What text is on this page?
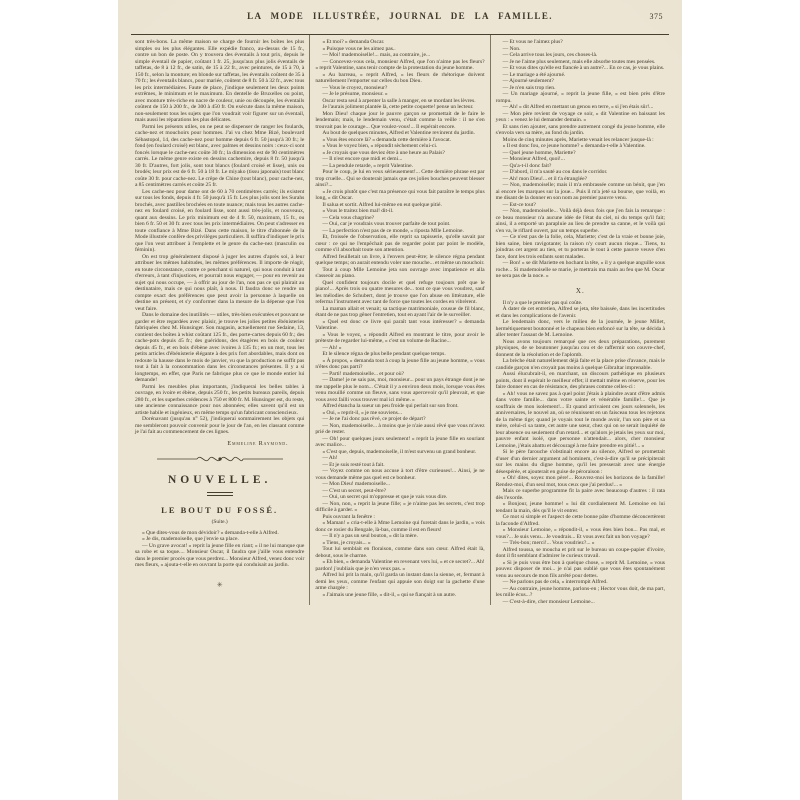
LA MODE ILLUSTRÉE, JOURNAL DE LA FAMILLE.	375

sont très-bons. La même maison se charge de fournir les boîtes les plus simples ou les plus élégantes. Elle expédie franco, au-dessus de 15 fr., contre un bon de poste. On y trouvera des éventails à tout prix, depuis le simple éventail de papier, coûtant 1 fr. 25, jusqu'aux plus jolis éventails de taffetas, de 8 à 12 fr., de satin, de 15 à 22 fr., avec peintures, de 15 à 70, à 150 fr., selon la monture; en blonde sur taffetas, les éventails coûtent de 35 à 70 fr.; les éventails blancs, pour mariée, coûtent de 8 fr. 50 à 32 fr., avec tous les prix intermédiaires. Faute de place, j'indique seulement les deux points extrêmes, le minimum et le maximum. En dentelle de Bruxelles ou point, avec monture très-riche en nacre de couleur, unie ou découpée, les éventails coûtent de 150 à 200 fr., de 300 à 450 fr. On exécute dans la même maison, non-seulement tous les sujets que l'on voudrait voir figurer sur un éventail, mais aussi les réparations les plus délicates.

Parmi les présents utiles, on ne peut se dispenser de ranger les foulards, cache-nez et mouchoirs pour hommes. J'ai vu chez Mme Bizé, boulevard Sébastopol, 14, des cache-nez pour homme depuis 6 fr. 50 jusqu'à 30 fr.; le fond (en foulard croisé) est blanc, avec palmes et dessins noirs : ceux-ci sont foncés lorsque le cache-nez coûte 30 fr.; la dimension est de 90 centimètres carrés. Le même genre existe en dessins cachemire, depuis 8 fr. 50 jusqu'à 30 fr. D'autres, fort jolis, sont tout blancs (foulard croisé et lisse), unis ou brodés; leur prix est de 6 fr. 50 à 18 fr. Le miyako (tissu japonais) tout blanc coûte 30 fr. pour cache-nez. Le crêpe de Chine (tout blanc), pour cache-nez, a 85 centimètres carrés et coûte 25 fr.

Les cache-nez pour dame ont de 60 à 70 centimètres carrés; ils existent sur tous les fonds, depuis 4 fr. 50 jusqu'à 15 fr. Les plus jolis sont les Surahs brochés, avec pastilles brochées en toute nuance; mais tous les autres cache-nez en foulard croisé, en foulard lisse, sont aussi très-jolis, et nouveaux, quant aux dessins. Le prix minimum est de 4 fr. 50, maximum, 15 fr., ou bien 6 fr. 50 et 30 fr. avec tous les prix intermédiaires. On peut s'adresser en toute confiance à Mme Bizé. Dans cette maison, le titre d'abonnée de la Mode illustrée confère des privilèges particuliers. Il suffira d'indiquer le prix que l'on veut attribuer à l'emplette et le genre du cache-nez (masculin ou féminin).

On est trop généralement disposé à juger les autres d'après soi, à leur attribuer les mêmes habitudes, les mêmes préférences. Il importe de réagir, en toute circonstance, contre ce penchant si naturel, qui nous conduit à tant d'erreurs, à tant d'injustices, et pourrait nous engager, — pour en revenir au sujet qui nous occupe, — à offrir au jour de l'an, non pas ce qui plairait au destinataire, mais ce qui nous plaît, à nous. Il faudra donc se rendre un compte exact des préférences que peut avoir la personne à laquelle on destine un présent, et s'y conformer dans la mesure de la dépense que l'on veut faire.

Dans le domaine des inutilités — utiles, très-bien exécutées et pouvant se garder et être regardées avec plaisir, je trouve les jolies petites ébénisteries fabriquées chez M. Hunsinger. Son magasin, actuellement rue Sedaine, 13, contient des boîtes à whist coûtant 125 fr., des porte-cartes depuis 60 fr.; des cache-pots depuis 45 fr.; des guéridons, des étagères en bois de couleur depuis 45 fr., et en bois d'ébène avec ivoires à 135 fr.; en un mot, tous les petits articles d'ébénisterie élégante à des prix fort abordables, mais dont on redoute la hausse dans le mois de janvier, vu que la production ne suffit pas tout à fait à la consommation dans les circonstances présentes. Il y a si longtemps, en effet, que Paris ne fabrique plus ce que le monde entier lui demande!

Parmi les meubles plus importants, j'indiquerai les belles tables à ouvrage, en ivoire et ébène, depuis 250 fr., les petits bureaux pareils, depuis 280 fr., et les superbes crédences à 750 et 800 fr. M. Hunsinger est, du reste, une ancienne connaissance pour nos abonnées; elles savent qu'il est un artiste habile et ingénieux, en même temps qu'un fabricant consciencieux.

Dorénavant (jusqu'au n° 52), j'indiquerai sommairement les objets qui me sembleront pouvoir convenir pour le jour de l'an, en les classant comme je l'ai fait au commencement de ces lignes.

Emmeline Raymond.
NOUVELLE.
LE BOUT DU FOSSÉ.
(Suite.)

« Que dites-vous de mon dévidoir? » demanda-t-elle à Alfred.

« Je dis, mademoiselle, que j'envie sa place.

— Un grave avocat! » reprit la jeune fille en riant; « il ne lui manque que sa robe et sa toque.... Monsieur Oscar, il faudra que j'aille vous entendre dans le premier procès que vous perdrez... Monsieur Alfred, venez donc voir mes fleurs, » ajouta-t-elle en ouvrant la porte qui conduisait au jardin.

✳

« Et moi? » demanda Oscar.

« Puisque vous ne les aimez pas..

— Moi! mademoiselle!... mais, au contraire, je...

— Concevez-vous cela, monsieur Alfred, que l'on n'aime pas les fleurs? » reprit Valentine, sans tenir compte de la protestation du jeune homme.

« Au barreau, » reprit Alfred, « les fleurs de rhétorique doivent naturellement l'emporter sur celles du bon Dieu.

— Vous le croyez, monsieur?

— Je le présume, monsieur. »

Oscar resta seul à arpenter la salle à manger, en se mordant les lèvres.

Je l'aurais joliment plantée là, cette petite coquette! pense un lecteur.

Mon Dieu! chaque jour le pauvre garçon se promettait de le faire le lendemain; mais, le lendemain venu, c'était comme la veille : il ne s'en trouvait pas le courage... Que voulez-vous!... Il espérait encore.

Au bout de quelques minutes, Alfred et Valentine revinrent du jardin.

« Vous êtes encore là? » demanda cette dernière à l'avocat.

« Vous le voyez bien, » répondit sèchement celui-ci.

« Je croyais que vous deviez être à une heure au Palais?

— Il n'est encore que midi et demi...

— La pendule retarde, » reprit Valentine.

Pour le coup, je lui en veux sérieusement!... Cette dernière phrase est par trop cruelle... Qui se douterait jamais que ces jolies bouches peuvent blesser ainsi?...

« Je crois plutôt que c'est ma présence qui vous fait paraître le temps plus long, » dit Oscar.

Il salua et sortit. Alfred lui-même en eut quelque pitié.

« Vous le traitez bien mal! dit-il.

— Cela vous chagrine?

— Oui, car je voudrais vous trouver parfaite de tout point.

— La perfection n'est pas de ce monde, » riposta Mlle Lemoine.

Et, froissée de l'observation, elle reprit sa tapisserie, qu'elle savait par cœur : ce qui ne l'empêchait pas de regarder point par point le modèle, comme s'il absorbait toute son attention.

Alfred feuilletait un livre, à l'envers peut-être; le silence régna pendant quelque temps; on aurait entendu voler une mouche... et même un mouchoir.

Tout à coup Mlle Lemoine jeta son ouvrage avec impatience et alla s'asseoir au piano.

Quel confident toujours docile et quel refuge toujours prêt que le piano!... Après trois ou quatre mesures de... tout ce que vous voudrez, sauf les mélodies de Schubert, dont je trouve que l'on abuse en littérature, elle referma l'instrument avec tant de force que toutes les cordes en vibrèrent.

La maman allait et venait; sa tactique matrimoniale, cousue de fil blanc, étant de ne pas trop gêner l'entretien, tout en ayant l'air de le surveiller.

« Quel est donc ce livre qui paraît tant vous intéresser? » demanda Valentine.

« Vous le voyez, » répondit Alfred en montrant le titre, pour avoir le prétexte de regarder lui-même, « c'est un volume de Racine...

— Ah! »

Et le silence régna de plus belle pendant quelque temps.

« À propos, » demanda tout à coup la jeune fille au jeune homme, « vous n'êtes donc pas parti?

— Parti! mademoiselle... et pour où?

— Dame! je ne sais pas, moi, monsieur... pour un pays étrange dont je ne me rappelle plus le nom... C'était il y a environ deux mois, lorsque vous êtes venu mouillé comme un fleuve, sans vous apercevoir qu'il pleuvait, et que vous avez failli vous trouver mal ici même. »

Alfred étancha la sueur un peu froide qui perlait sur son front.

« Oui, » reprit-il, « je me souviens...

— Je ne l'ai donc pas rêvé, ce projet de départ?

— Non, mademoiselle... à moins que je n'aie aussi rêvé que vous m'avez prié de rester.

— Oh! pour quelques jours seulement! » reprit la jeune fille en souriant avec malice...

« C'est que, depuis, mademoiselle, il m'est survenu un grand bonheur.

— Ah!

— Et je suis resté tout à fait.

— Voyez comme on nous accuse à tort d'être curieuses!... Ainsi, je ne vous demande même pas quel est ce bonheur.

— Mon Dieu! mademoiselle...

— C'est un secret, peut-être?

— Oui, un secret qui m'oppresse et que je vais vous dire.

— Non, non, » reprit la jeune fille; « je n'aime pas les secrets, c'est trop difficile à garder. »

Puis ouvrant la fenêtre :

« Maman! » cria-t-elle à Mme Lemoine qui furetait dans le jardin, « vois donc ce rosier du Bengale, là-bas, comme il est en fleurs!

— Il n'y a pas un seul bouton, » dit la mère.

« Tiens, je croyais... »

Tout lui semblait en floraison, comme dans son cœur. Alfred était là, debout, sous le charme.

« Eh bien, » demanda Valentine en revenant vers lui, « et ce secret?... Ah! pardon! j'oubliais que je n'en veux pas. »

Alfred lui prit la main, qu'il garda un instant dans la sienne, et, fermant à demi les yeux, comme l'enfant qui appuie son doigt sur la gachette d'une arme chargée :

« J'aimais une jeune fille, » dit-il, « qui se fiançait à un autre.

— Et vous ne l'aimez plus?

— Non.

— Cela arrive tous les jours, ces choses-là.

— Je ne l'aime plus seulement, mais elle absorbe toutes mes pensées.

— Et vous dites qu'elle est fiancée à un autre?... En ce cas, je vous plains.

— Le mariage a été ajourné.

— Ajourné seulement?

— Je n'en sais trop rien.

— Un mariage ajourné, » reprit la jeune fille, « est bien près d'être rompu.

— Ah! » dit Alfred en mettant un genou en terre, « si j'en étais sûr!...

— Mon père revient de voyage ce soir, » dit Valentine en baissant les yeux : « venez le lui demander demain. »

Et sans rien ajouter, sans prendre autrement congé du jeune homme, elle s'envola vers sa mère, au fond du jardin.

Moins de cinq minutes après, Mariette venait les relancer jusque-là :

« Il est donc fou, ce jeune homme? » demanda-t-elle à Valentine.

— Quel jeune homme, Mariette?

— Monsieur Alfred, quoi!...

— Qu'a-t-il donc fait?

— D'abord, il m'a sauté au cou dans le corridor.

— Ah! mon Dieu!... et il t'a étranglée?

— Non, mademoiselle; mais il m'a embrassée comme un bénit, que j'en ai encore les marques sur la joue... Puis il m'a jeté sa bourse, que voilà, en me disant de la donner en son nom au premier pauvre venu.

— Est-ce tout?

— Non, mademoiselle... Voilà déjà deux fois que j'en fais la remarque : ce beau monsieur n'a aucune idée de l'état du ciel, ni du temps qu'il fait; ainsi, il a emporté un parapluie au lieu de prendre sa canne, et le voilà qui s'en va, le riflard ouvert, par un temps superbe.

— Ce n'est pas de la folie, cela, Mariette; c'est de la vraie et bonne joie, bien saine, bien ravigotante; la raison n'y court aucun risque... Tiens, tu joindras cet argent au tien, et tu porteras le tout à cette pauvre veuve d'en face, dont les trois enfants sont malades.

— Bon! » se dit Mariette en hochant la tête, « il y a quelque anguille sous roche... Si mademoiselle se marie, je mettrais ma main au feu que M. Oscar ne sera pas de la noce. »

X.

Il n'y a que le premier pas qui coûte.

À dater de cet entretien, Alfred se jeta, tête baissée, dans les incertitudes et dans les complications de l'avenir.

Le lendemain donc, vers le milieu de la journée, le jeune Millet, hermétiquement boutonné et le chapeau bien enfoncé sur la tête, se décida à aller tenter l'assaut de M. Lemoine.

Nous avons toujours remarqué que ces deux préparations, purement physiques, de se boutonner jusqu'au cou et de raffermir son couvre-chef, donnent de la résolution et de l'aplomb.

La brèche était naturellement déjà faite et la place prise d'avance, mais le candide garçon n'en croyait pas moins à quelque Gibraltar imprenable.

Aussi élucubrait-il, en marchant, un discours pathétique en plusieurs points, dont il espérait le meilleur effet; il mettait même en réserve, pour les faire donner en cas de résistance, des phrases comme celles-ci :

« Ah! vous ne savez pas à quel point j'étais à plaindre avant d'être admis dans votre famille... dans votre sainte et vénérable famille!... Que je souffrais de mon isolement!... Et quand arrivaient ces jours solennels, les anniversaires, le nouvel an, où se réunissent en un faisceau tous les rejetons de la même tige; quand je voyais tout le monde avoir, l'un son père et sa mère, celui-ci sa tante, cet autre une sœur, chez qui on se serait inquiété de leur absence ou seulement d'un retard... et qu'alors je jetais les yeux sur moi, pauvre enfant isolé, que personne n'attendait... alors, cher monsieur Lemoine, j'étais abattu et découragé à me faire prendre en pitié!... »

Si le père farouche s'obstinait encore au silence, Alfred se promettait d'user d'un dernier argument ad hominem, c'est-à-dire qu'il se précipiterait sur les mains du digne homme, qu'il les presserait avec une énergie désespérée, et ajouterait en guise de péroraison :

« Oh! dites, soyez mon père!... Rouvrez-moi les horizons de la famille! Rendez-moi, d'un seul mot, tous ceux que j'ai perdus!... »

Mais ce superbe programme fit la paire avec beaucoup d'autres : il rata dès l'exorde.

« Bonjour, jeune homme! » lui dit cordialement M. Lemoine en lui tendant la main, dès qu'il le vit entrer.

Ce mot si simple et l'aspect de cette bonne pâte d'homme déconcertèrent la faconde d'Alfred.

« Monsieur Lemoine, » répondit-il, « vous êtes bien bon... Pas mal, et vous?... Je suis venu... Je voudrais... Et vous avez fait un bon voyage?

— Très-bon; merci!... Vous voudriez?... »

Alfred toussa, se moucha et prit sur le bureau un coupe-papier d'ivoire, dont il fit semblant d'admirer le curieux travail.

« Si je puis vous être bon à quelque chose, » reprit M. Lemoine, « vous pouvez disposer de moi... je n'ai pas oublié que vous êtes spontanément venu au secours de mon fils arrêté pour dettes.

— Ne parlons pas de cela, » interrompit Alfred.

— Au contraire, jeune homme, parlons-en ; Hector vous doit, de ma part, les mille écus...?

— C'est-à-dire, cher monsieur Lemoine...
